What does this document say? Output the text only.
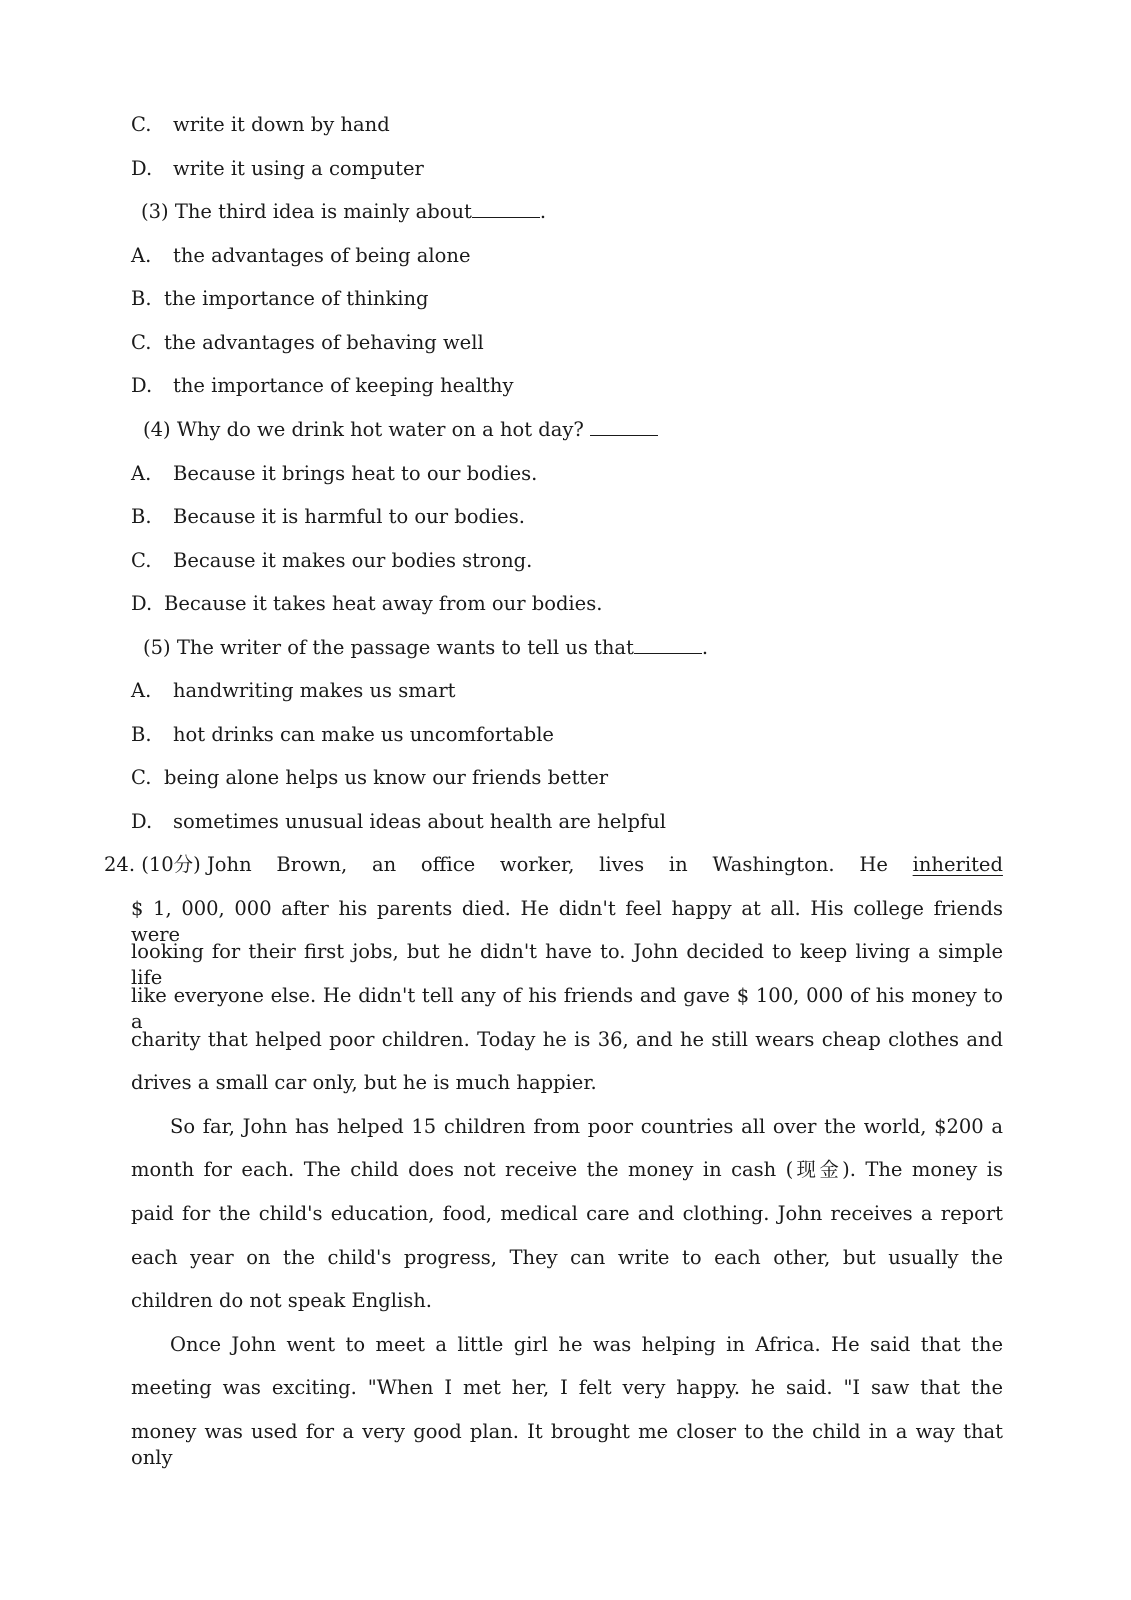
C. write it down by hand
D. write it using a computer
(3) The third idea is mainly about	.
A. the advantages of being alone
B. the importance of thinking
C. the advantages of behaving well
D. the importance of keeping healthy
(4) Why do we drink hot water on a hot day?
A. Because it brings heat to our bodies.
B. Because it is harmful to our bodies.
C. Because it makes our bodies strong.
D. Because it takes heat away from our bodies.
(5) The writer of the passage wants to tell us that	.
A. handwriting makes us smart
B. hot drinks can make us uncomfortable
C. being alone helps us know our friends better
D. sometimes unusual ideas about health are helpful
24. (10分) John Brown, an office worker, lives in Washington. He inherited
$ 1, 000, 000 after his parents died. He didn't feel happy at all. His college friends were
looking for their first jobs, but he didn't have to. John decided to keep living a simple life
like everyone else. He didn't tell any of his friends and gave $ 100, 000 of his money to a
charity that helped poor children. Today he is 36, and he still wears cheap clothes and
drives a small car only, but he is much happier.
So far, John has helped 15 children from poor countries all over the world, $200 a
month for each. The child does not receive the money in cash (现金). The money is
paid for the child's education, food, medical care and clothing. John receives a report
each year on the child's progress, They can write to each other, but usually the
children do not speak English.
Once John went to meet a little girl he was helping in Africa. He said that the
meeting was exciting. "When I met her, I felt very happy. he said. "I saw that the
money was used for a very good plan. It brought me closer to the child in a way that only
